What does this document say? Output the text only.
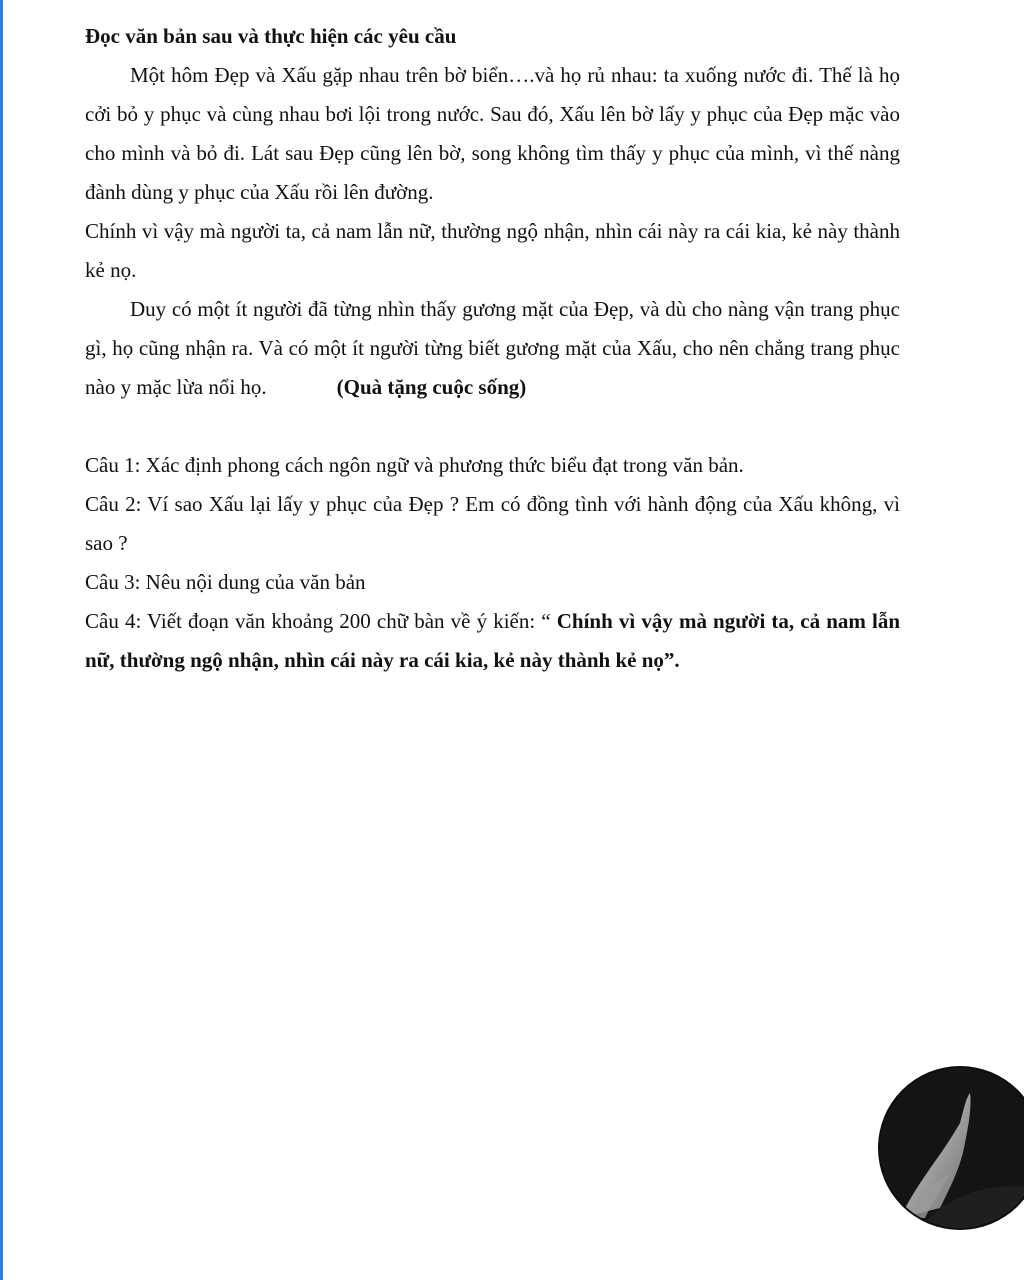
Đọc văn bản sau và thực hiện các yêu cầu

Một hôm Đẹp và Xấu gặp nhau trên bờ biển….và họ rủ nhau: ta xuống nước đi. Thế là họ cởi bỏ y phục và cùng nhau bơi lội trong nước. Sau đó, Xấu lên bờ lấy y phục của Đẹp mặc vào cho mình và bỏ đi. Lát sau Đẹp cũng lên bờ, song không tìm thấy y phục của mình, vì thế nàng đành dùng y phục của Xấu rồi lên đường.

Chính vì vậy mà người ta, cả nam lẫn nữ, thường ngộ nhận, nhìn cái này ra cái kia, kẻ này thành kẻ nọ.

Duy có một ít người đã từng nhìn thấy gương mặt của Đẹp, và dù cho nàng vận trang phục gì, họ cũng nhận ra. Và có một ít người từng biết gương mặt của Xấu, cho nên chẳng trang phục nào y mặc lừa nổi họ.	(Quà tặng cuộc sống)

Câu 1: Xác định phong cách ngôn ngữ và phương thức biểu đạt trong văn bản.

Câu 2: Ví sao Xấu lại lấy y phục của Đẹp ? Em có đồng tình với hành động của Xấu không, vì sao ?

Câu 3: Nêu nội dung của văn bản

Câu 4: Viết đoạn văn khoảng 200 chữ bàn về ý kiến: “ Chính vì vậy mà người ta, cả nam lẫn nữ, thường ngộ nhận, nhìn cái này ra cái kia, kẻ này thành kẻ nọ”.
